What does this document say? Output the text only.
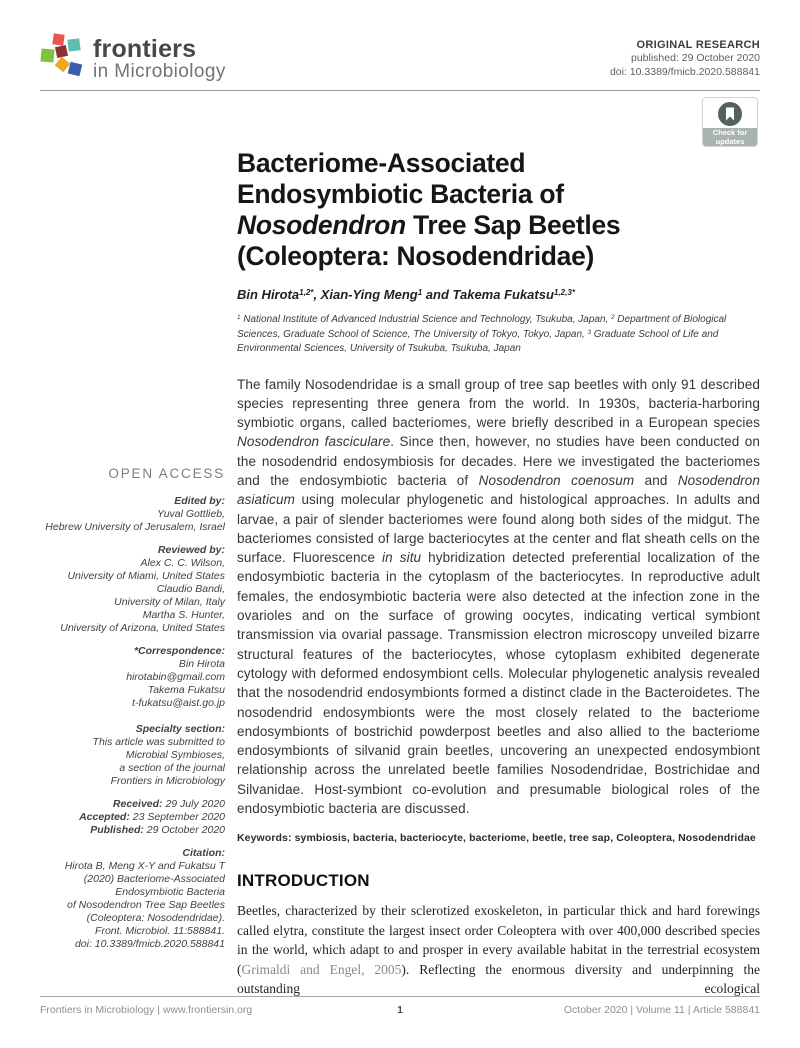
frontiers
in Microbiology
ORIGINAL RESEARCH
published: 29 October 2020
doi: 10.3389/fmicb.2020.588841
Check for
updates
Bacteriome-Associated
Endosymbiotic Bacteria of
Nosodendron Tree Sap Beetles
(Coleoptera: Nosodendridae)

Bin Hirota$^{1,2*}$, Xian-Ying Meng$^1$ and Takema Fukatsu$^{1,2,3*}$

$^1$ National Institute of Advanced Industrial Science and Technology, Tsukuba, Japan, $^2$ Department of Biological Sciences, Graduate School of Science, The University of Tokyo, Tokyo, Japan, $^3$ Graduate School of Life and Environmental Sciences, University of Tsukuba, Tsukuba, Japan

OPEN ACCESS
Edited by:
Yuval Gottlieb,
Hebrew University of Jerusalem, Israel
Reviewed by:
Alex C. C. Wilson,
University of Miami, United States
Claudio Bandi,
University of Milan, Italy
Martha S. Hunter,
University of Arizona, United States
*Correspondence:
Bin Hirota
hirotabin@gmail.com
Takema Fukatsu
t-fukatsu@aist.go.jp
Specialty section:
This article was submitted to
Microbial Symbioses,
a section of the journal
Frontiers in Microbiology
Received: 29 July 2020
Accepted: 23 September 2020
Published: 29 October 2020
Citation:
Hirota B, Meng X-Y and Fukatsu T
(2020) Bacteriome-Associated
Endosymbiotic Bacteria
of Nosodendron Tree Sap Beetles
(Coleoptera: Nosodendridae).
Front. Microbiol. 11:588841.
doi: 10.3389/fmicb.2020.588841

The family Nosodendridae is a small group of tree sap beetles with only 91 described species representing three genera from the world. In 1930s, bacteria-harboring symbiotic organs, called bacteriomes, were briefly described in a European species Nosodendron fasciculare. Since then, however, no studies have been conducted on the nosodendrid endosymbiosis for decades. Here we investigated the bacteriomes and the endosymbiotic bacteria of Nosodendron coenosum and Nosodendron asiaticum using molecular phylogenetic and histological approaches. In adults and larvae, a pair of slender bacteriomes were found along both sides of the midgut. The bacteriomes consisted of large bacteriocytes at the center and flat sheath cells on the surface. Fluorescence in situ hybridization detected preferential localization of the endosymbiotic bacteria in the cytoplasm of the bacteriocytes. In reproductive adult females, the endosymbiotic bacteria were also detected at the infection zone in the ovarioles and on the surface of growing oocytes, indicating vertical symbiont transmission via ovarial passage. Transmission electron microscopy unveiled bizarre structural features of the bacteriocytes, whose cytoplasm exhibited degenerate cytology with deformed endosymbiont cells. Molecular phylogenetic analysis revealed that the nosodendrid endosymbionts formed a distinct clade in the Bacteroidetes. The nosodendrid endosymbionts were the most closely related to the bacteriome endosymbionts of bostrichid powderpost beetles and also allied to the bacteriome endosymbionts of silvanid grain beetles, uncovering an unexpected endosymbiont relationship across the unrelated beetle families Nosodendridae, Bostrichidae and Silvanidae. Host-symbiont co-evolution and presumable biological roles of the endosymbiotic bacteria are discussed.

Keywords: symbiosis, bacteria, bacteriocyte, bacteriome, beetle, tree sap, Coleoptera, Nosodendridae

INTRODUCTION

Beetles, characterized by their sclerotized exoskeleton, in particular thick and hard forewings called elytra, constitute the largest insect order Coleoptera with over 400,000 described species in the world, which adapt to and prosper in every available habitat in the terrestrial ecosystem (Grimaldi and Engel, 2005). Reflecting the enormous diversity and underpinning the outstanding ecological

1
Frontiers in Microbiology | www.frontiersin.org	October 2020 | Volume 11 | Article 588841
